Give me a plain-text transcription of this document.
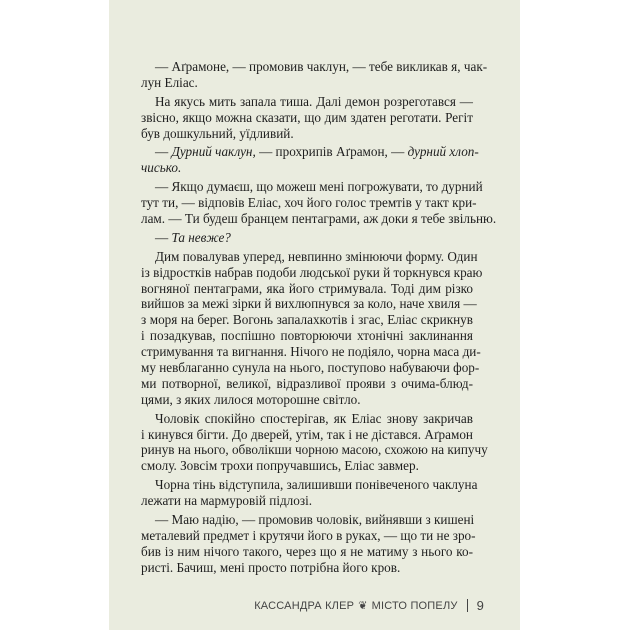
— Аґрамоне, — промовив чаклун, — тебе викликав я, чак-
лун Еліас.
На якусь мить запала тиша. Далі демон розреготався —
звісно, якщо можна сказати, що дим здатен реготати. Регіт
був дошкульний, уїдливий.
— Дурний чаклун, — прохрипів Аґрамон, — дурний хлоп-
чисько.
— Якщо думаєш, що можеш мені погрожувати, то дурний
тут ти, — відповів Еліас, хоч його голос тремтів у такт кри-
лам. — Ти будеш бранцем пентаграми, аж доки я тебе звільню.
— Та невже?
Дим повалував уперед, невпинно змінюючи форму. Один
із відростків набрав подоби людської руки й торкнувся краю
вогняної пентаграми, яка його стримувала. Тоді дим різко
вийшов за межі зірки й вихлюпнувся за коло, наче хвиля —
з моря на берег. Вогонь запалахкотів і згас, Еліас скрикнув
і позадкував, поспішно повторюючи хтонічні заклинання
стримування та вигнання. Нічого не подіяло, чорна маса ди-
му невблаганно сунула на нього, поступово набуваючи фор-
ми потворної, великої, відразливої прояви з очима-блюд-
цями, з яких лилося моторошне світло.
Чоловік спокійно спостерігав, як Еліас знову закричав
і кинувся бігти. До дверей, утім, так і не дістався. Аґрамон
ринув на нього, обволікши чорною масою, схожою на кипучу
смолу. Зовсім трохи попручавшись, Еліас завмер.
Чорна тінь відступила, залишивши понівеченого чаклуна
лежати на мармуровій підлозі.
— Маю надію, — промовив чоловік, вийнявши з кишені
металевий предмет і крутячи його в руках, — що ти не зро-
бив із ним нічого такого, через що я не матиму з нього ко-
ристі. Бачиш, мені просто потрібна його кров.
КАССАНДРА КЛЕР ❦ МІСТО ПОПЕЛУ 9
